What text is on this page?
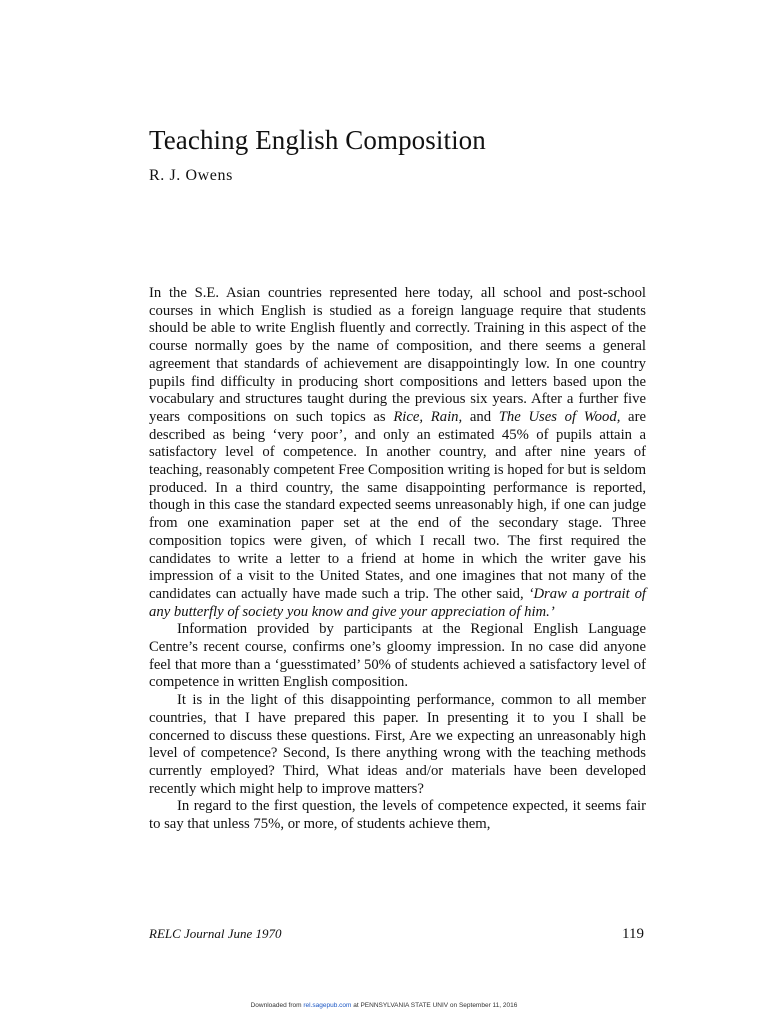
Teaching English Composition
R. J. Owens

In the S.E. Asian countries represented here today, all school and post-school courses in which English is studied as a foreign language require that students should be able to write English fluently and correctly. Training in this aspect of the course normally goes by the name of composition, and there seems a general agreement that standards of achievement are disappointingly low. In one country pupils find difficulty in producing short compositions and letters based upon the vocabulary and structures taught during the previous six years. After a further five years compositions on such topics as Rice, Rain, and The Uses of Wood, are described as being ‘very poor’, and only an estimated 45% of pupils attain a satisfactory level of competence. In another country, and after nine years of teaching, reasonably competent Free Composition writing is hoped for but is seldom produced. In a third country, the same disappointing performance is reported, though in this case the standard expected seems unreasonably high, if one can judge from one examination paper set at the end of the secondary stage. Three composition topics were given, of which I recall two. The first required the candidates to write a letter to a friend at home in which the writer gave his impression of a visit to the United States, and one imagines that not many of the candidates can actually have made such a trip. The other said, ‘Draw a portrait of any butterfly of society you know and give your appreciation of him.’

Information provided by participants at the Regional English Language Centre’s recent course, confirms one’s gloomy impression. In no case did anyone feel that more than a ‘guesstimated’ 50% of students achieved a satisfactory level of competence in written English composition.

It is in the light of this disappointing performance, common to all member countries, that I have prepared this paper. In presenting it to you I shall be concerned to discuss these questions. First, Are we expecting an unreasonably high level of competence? Second, Is there anything wrong with the teaching methods currently employed? Third, What ideas and/or materials have been developed recently which might help to improve matters?

In regard to the first question, the levels of competence expected, it seems fair to say that unless 75%, or more, of students achieve them,

RELC Journal June 1970	119
Downloaded from rel.sagepub.com at PENNSYLVANIA STATE UNIV on September 11, 2016
